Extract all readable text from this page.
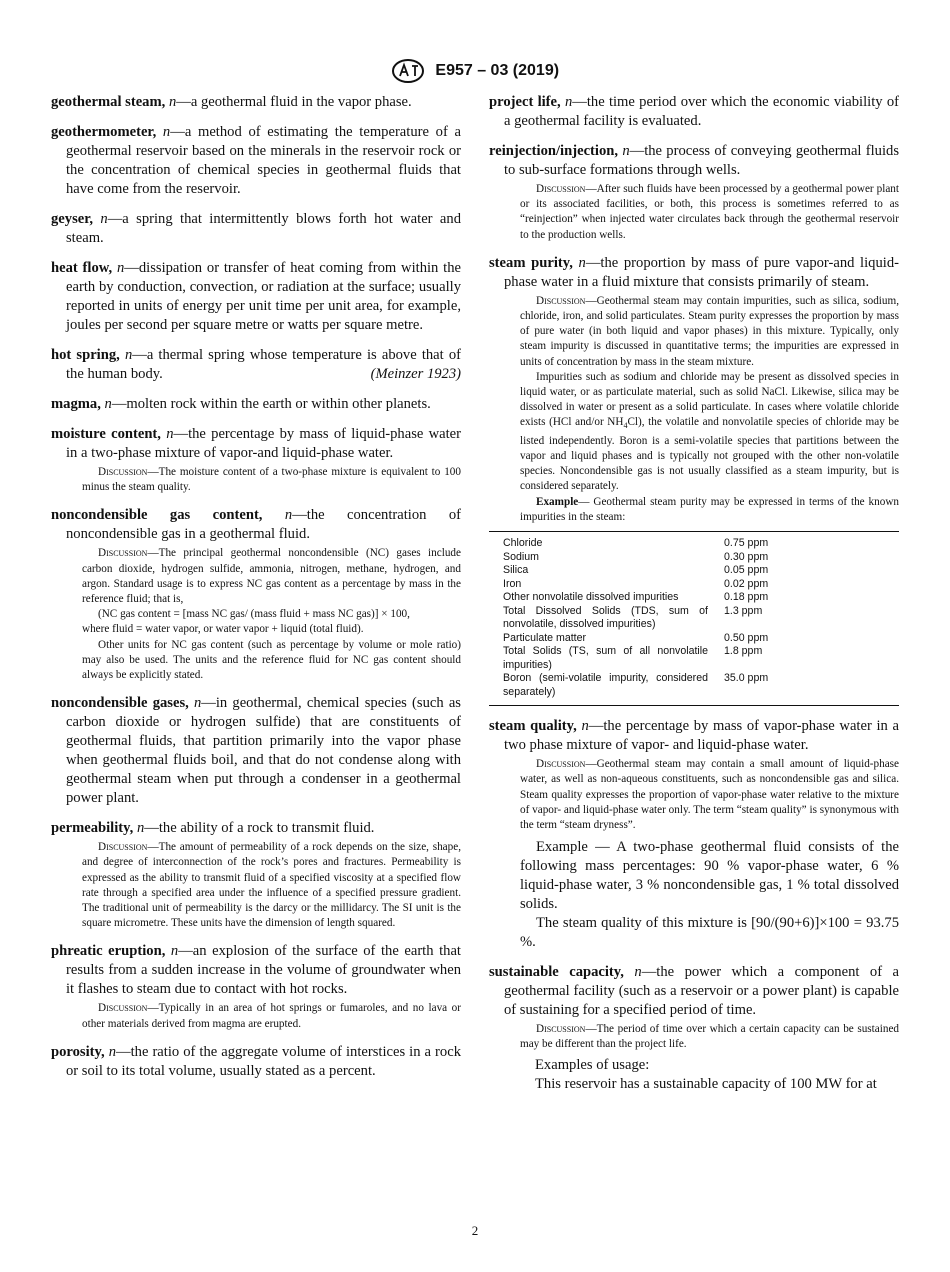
E957 – 03 (2019)
geothermal steam, n—a geothermal fluid in the vapor phase.
geothermometer, n—a method of estimating the temperature of a geothermal reservoir based on the minerals in the reservoir rock or the concentration of chemical species in geothermal fluids that have come from the reservoir.
geyser, n—a spring that intermittently blows forth hot water and steam.
heat flow, n—dissipation or transfer of heat coming from within the earth by conduction, convection, or radiation at the surface; usually reported in units of energy per unit time per unit area, for example, joules per second per square metre or watts per square metre.
hot spring, n—a thermal spring whose temperature is above that of the human body.	(Meinzer 1923)
magma, n—molten rock within the earth or within other planets.
moisture content, n—the percentage by mass of liquid-phase water in a two-phase mixture of vapor-and liquid-phase water.
Discussion—The moisture content of a two-phase mixture is equivalent to 100 minus the steam quality.
noncondensible gas content, n—the concentration of noncondensible gas in a geothermal fluid.
Discussion—The principal geothermal noncondensible (NC) gases include carbon dioxide, hydrogen sulfide, ammonia, nitrogen, methane, hydrogen, and argon. Standard usage is to express NC gas content as a percentage by mass in the reference fluid; that is,
(NC gas content = [mass NC gas/ (mass fluid + mass NC gas)] × 100,
where fluid = water vapor, or water vapor + liquid (total fluid).
Other units for NC gas content (such as percentage by volume or mole ratio) may also be used. The units and the reference fluid for NC gas content should always be explicitly stated.
noncondensible gases, n—in geothermal, chemical species (such as carbon dioxide or hydrogen sulfide) that are constituents of geothermal fluids, that partition primarily into the vapor phase when geothermal fluids boil, and that do not condense along with geothermal steam when put through a condenser in a geothermal power plant.
permeability, n—the ability of a rock to transmit fluid.
Discussion—The amount of permeability of a rock depends on the size, shape, and degree of interconnection of the rock’s pores and fractures. Permeability is expressed as the ability to transmit fluid of a specified viscosity at a specified flow rate through a specified area under the influence of a specified pressure gradient. The traditional unit of permeability is the darcy or the millidarcy. The SI unit is the square micrometre. These units have the dimension of length squared.
phreatic eruption, n—an explosion of the surface of the earth that results from a sudden increase in the volume of groundwater when it flashes to steam due to contact with hot rocks.
Discussion—Typically in an area of hot springs or fumaroles, and no lava or other materials derived from magma are erupted.
porosity, n—the ratio of the aggregate volume of interstices in a rock or soil to its total volume, usually stated as a percent.
project life, n—the time period over which the economic viability of a geothermal facility is evaluated.
reinjection/injection, n—the process of conveying geothermal fluids to sub-surface formations through wells.
Discussion—After such fluids have been processed by a geothermal power plant or its associated facilities, or both, this process is sometimes referred to as “reinjection” when injected water circulates back through the geothermal reservoir to the production wells.
steam purity, n—the proportion by mass of pure vapor-and liquid-phase water in a fluid mixture that consists primarily of steam.
Discussion—Geothermal steam may contain impurities, such as silica, sodium, chloride, iron, and solid particulates. Steam purity expresses the proportion by mass of pure water (in both liquid and vapor phases) in this mixture. Typically, only steam impurity is discussed in quantitative terms; the impurities are expressed in units of concentration by mass in the steam mixture.
Impurities such as sodium and chloride may be present as dissolved species in liquid water, or as particulate material, such as solid NaCl. Likewise, silica may be dissolved in water or present as a solid particulate. In cases where volatile chloride exists (HCl and/or $NH_4Cl$), the volatile and nonvolatile species of chloride may be listed independently. Boron is a semi-volatile species that partitions between the vapor and liquid phases and is typically not grouped with the other non-volatile species. Noncondensible gas is not usually classified as a steam impurity, but is considered separately.
Example— Geothermal steam purity may be expressed in terms of the known impurities in the steam:
Chloride	0.75 ppm
Sodium	0.30 ppm
Silica	0.05 ppm
Iron	0.02 ppm
Other nonvolatile dissolved impurities	0.18 ppm
Total Dissolved Solids (TDS, sum of nonvolatile, dissolved impurities)	1.3 ppm
Particulate matter	0.50 ppm
Total Solids (TS, sum of all nonvolatile impurities)	1.8 ppm
Boron (semi-volatile impurity, considered separately)	35.0 ppm
steam quality, n—the percentage by mass of vapor-phase water in a two phase mixture of vapor- and liquid-phase water.
Discussion—Geothermal steam may contain a small amount of liquid-phase water, as well as non-aqueous constituents, such as noncondensible gas and silica. Steam quality expresses the proportion of vapor-phase water relative to the mixture of vapor- and liquid-phase water only. The term “steam quality” is synonymous with the term “steam dryness”.
Example — A two-phase geothermal fluid consists of the following mass percentages: 90 % vapor-phase water, 6 % liquid-phase water, 3 % noncondensible gas, 1 % total dissolved solids.
The steam quality of this mixture is [90/(90+6)]×100 = 93.75 %.
sustainable capacity, n—the power which a component of a geothermal facility (such as a reservoir or a power plant) is capable of sustaining for a specified period of time.
Discussion—The period of time over which a certain capacity can be sustained may be different than the project life.
Examples of usage:
This reservoir has a sustainable capacity of 100 MW for at
2
